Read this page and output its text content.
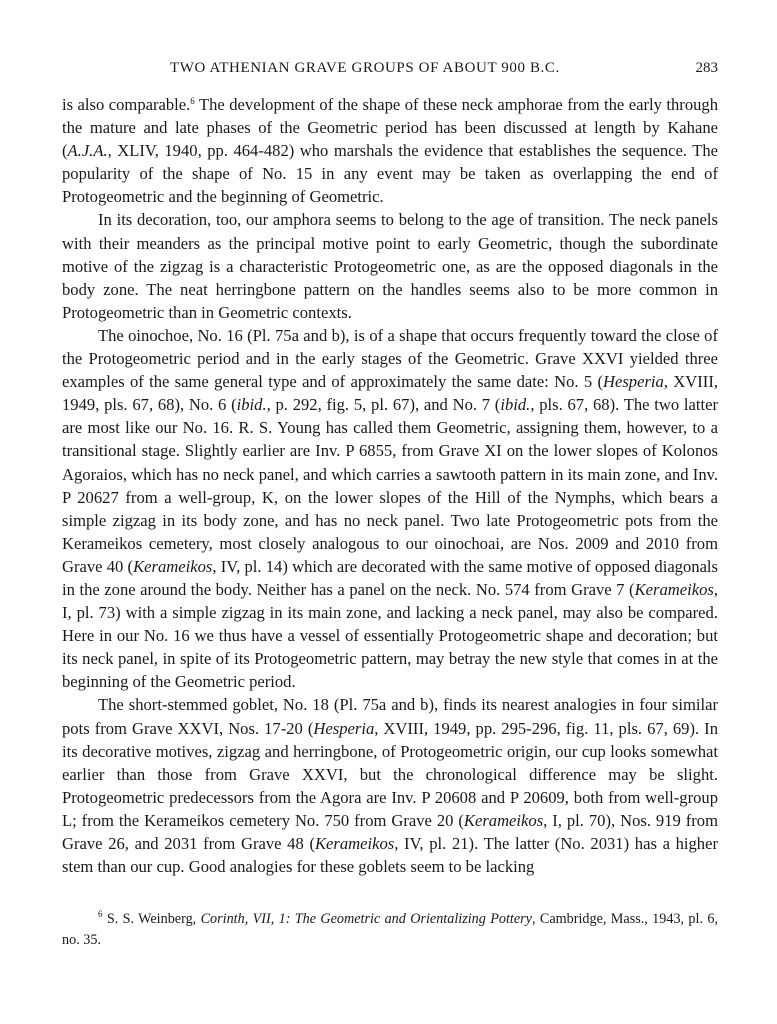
TWO ATHENIAN GRAVE GROUPS OF ABOUT 900 B.C.	283

is also comparable.$^6$ The development of the shape of these neck amphorae from the early through the mature and late phases of the Geometric period has been discussed at length by Kahane (A.J.A., XLIV, 1940, pp. 464-482) who marshals the evidence that establishes the sequence. The popularity of the shape of No. 15 in any event may be taken as overlapping the end of Protogeometric and the beginning of Geometric.

In its decoration, too, our amphora seems to belong to the age of transition. The neck panels with their meanders as the principal motive point to early Geometric, though the subordinate motive of the zigzag is a characteristic Protogeometric one, as are the opposed diagonals in the body zone. The neat herringbone pattern on the handles seems also to be more common in Protogeometric than in Geometric contexts.

The oinochoe, No. 16 (Pl. 75a and b), is of a shape that occurs frequently toward the close of the Protogeometric period and in the early stages of the Geometric. Grave XXVI yielded three examples of the same general type and of approximately the same date: No. 5 (Hesperia, XVIII, 1949, pls. 67, 68), No. 6 (ibid., p. 292, fig. 5, pl. 67), and No. 7 (ibid., pls. 67, 68). The two latter are most like our No. 16. R. S. Young has called them Geometric, assigning them, however, to a transitional stage. Slightly earlier are Inv. P 6855, from Grave XI on the lower slopes of Kolonos Agoraios, which has no neck panel, and which carries a sawtooth pattern in its main zone, and Inv. P 20627 from a well-group, K, on the lower slopes of the Hill of the Nymphs, which bears a simple zigzag in its body zone, and has no neck panel. Two late Protogeometric pots from the Kerameikos cemetery, most closely analogous to our oinochoai, are Nos. 2009 and 2010 from Grave 40 (Kerameikos, IV, pl. 14) which are decorated with the same motive of opposed diagonals in the zone around the body. Neither has a panel on the neck. No. 574 from Grave 7 (Kerameikos, I, pl. 73) with a simple zigzag in its main zone, and lacking a neck panel, may also be compared. Here in our No. 16 we thus have a vessel of essentially Protogeometric shape and decoration; but its neck panel, in spite of its Protogeometric pattern, may betray the new style that comes in at the beginning of the Geometric period.

The short-stemmed goblet, No. 18 (Pl. 75a and b), finds its nearest analogies in four similar pots from Grave XXVI, Nos. 17-20 (Hesperia, XVIII, 1949, pp. 295-296, fig. 11, pls. 67, 69). In its decorative motives, zigzag and herringbone, of Protogeometric origin, our cup looks somewhat earlier than those from Grave XXVI, but the chronological difference may be slight. Protogeometric predecessors from the Agora are Inv. P 20608 and P 20609, both from well-group L; from the Kerameikos cemetery No. 750 from Grave 20 (Kerameikos, I, pl. 70), Nos. 919 from Grave 26, and 2031 from Grave 48 (Kerameikos, IV, pl. 21). The latter (No. 2031) has a higher stem than our cup. Good analogies for these goblets seem to be lacking

$^6$ S. S. Weinberg, Corinth, VII, 1: The Geometric and Orientalizing Pottery, Cambridge, Mass., 1943, pl. 6, no. 35.
